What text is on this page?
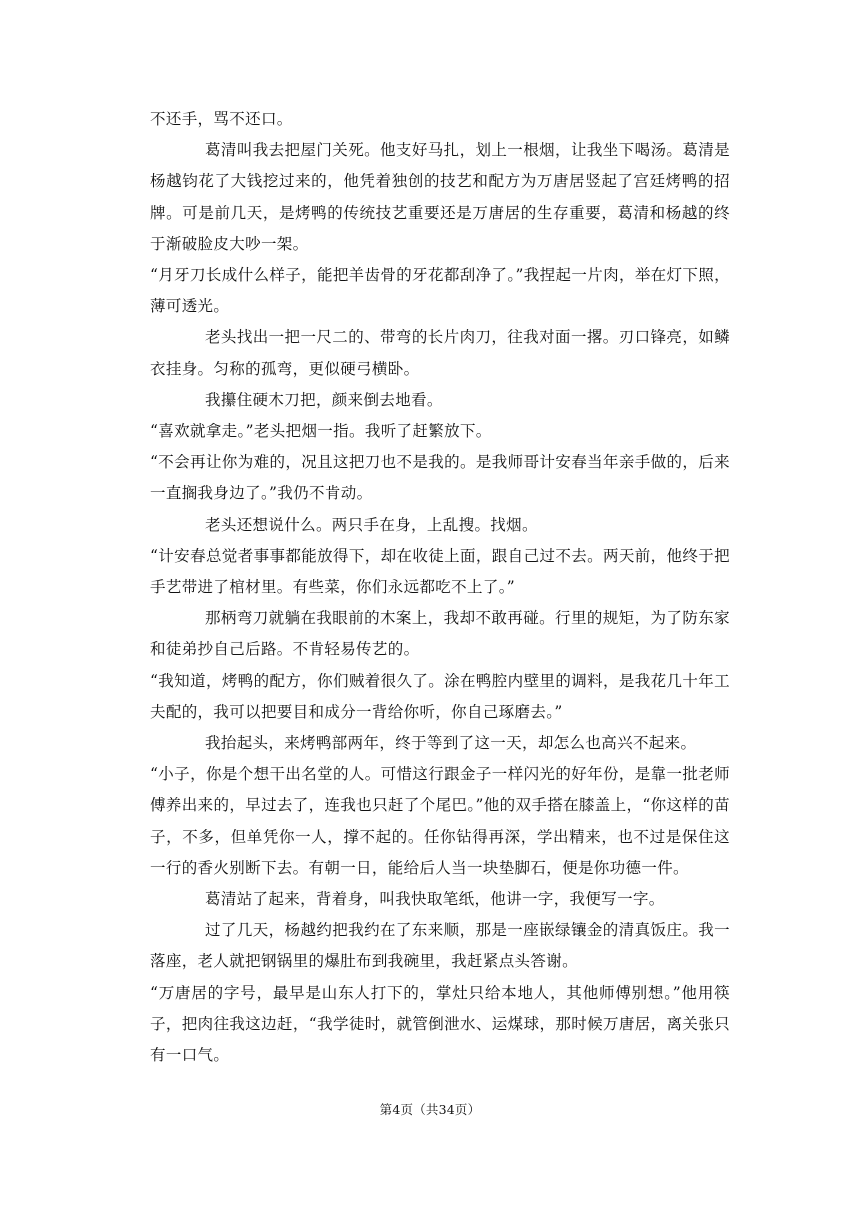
不还手，骂不还口。

葛清叫我去把屋门关死。他支好马扎，划上一根烟，让我坐下喝汤。葛清是杨越钧花了大钱挖过来的，他凭着独创的技艺和配方为万唐居竖起了宫廷烤鸭的招牌。可是前几天，是烤鸭的传统技艺重要还是万唐居的生存重要，葛清和杨越的终于渐破脸皮大吵一架。

“月牙刀长成什么样子，能把羊齿骨的牙花都刮净了。”我捏起一片肉，举在灯下照，薄可透光。

老头找出一把一尺二的、带弯的长片肉刀，往我对面一撂。刃口锋亮，如鳞衣挂身。匀称的孤弯，更似硬弓横卧。

我攥住硬木刀把，颜来倒去地看。

“喜欢就拿走。”老头把烟一指。我听了赶繁放下。

“不会再让你为难的，况且这把刀也不是我的。是我师哥计安春当年亲手做的，后来一直搁我身边了。”我仍不肯动。

老头还想说什么。两只手在身，上乱搜。找烟。

“计安春总觉者事事都能放得下，却在收徒上面，跟自己过不去。两天前，他终于把手艺带进了棺材里。有些菜，你们永远都吃不上了。”

那柄弯刀就躺在我眼前的木案上，我却不敢再碰。行里的规矩，为了防东家和徒弟抄自己后路。不肯轻易传艺的。

“我知道，烤鸭的配方，你们贼着很久了。涂在鸭腔内壁里的调料，是我花几十年工夫配的，我可以把要目和成分一背给你听，你自己琢磨去。”

我抬起头，来烤鸭部两年，终于等到了这一天，却怎么也高兴不起来。

“小子，你是个想干出名堂的人。可惜这行跟金子一样闪光的好年份，是靠一批老师傅养出来的，早过去了，连我也只赶了个尾巴。”他的双手搭在膝盖上，“你这样的苗子，不多，但单凭你一人，撑不起的。任你钻得再深，学出精来，也不过是保住这一行的香火别断下去。有朝一日，能给后人当一块垫脚石，便是你功德一件。

葛清站了起来，背着身，叫我快取笔纸，他讲一字，我便写一字。

过了几天，杨越约把我约在了东来顺，那是一座嵌绿镶金的清真饭庄。我一落座，老人就把钢锅里的爆肚布到我碗里，我赶紧点头答谢。

“万唐居的字号，最早是山东人打下的，掌灶只给本地人，其他师傅别想。”他用筷子，把肉往我这边赶，“我学徒时，就管倒泄水、运煤球，那时候万唐居，离关张只有一口气。

第4页（共34页）
